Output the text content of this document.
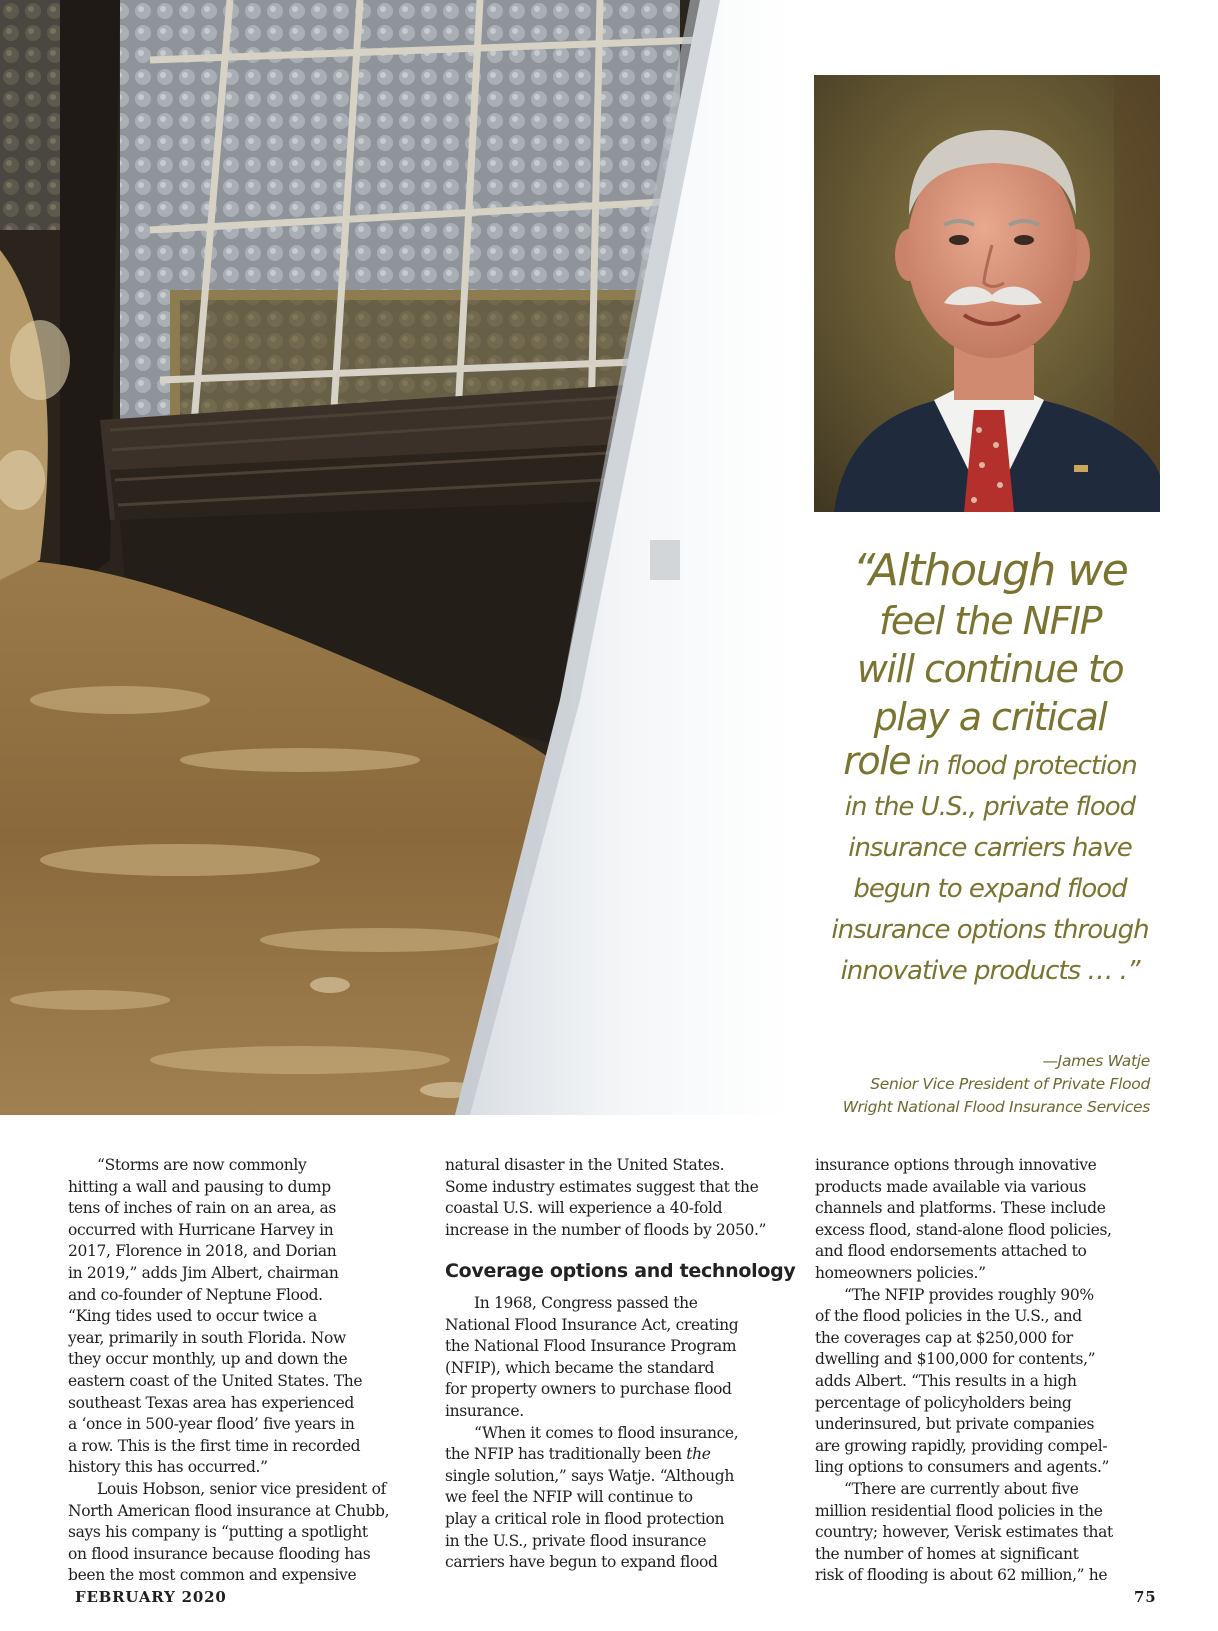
“Although we
feel the NFIP
will continue to
play a critical
role in flood protection
in the U.S., private flood
insurance carriers have
begun to expand flood
insurance options through
innovative products … .”
—James Watje
Senior Vice President of Private Flood
Wright National Flood Insurance Services
“Storms are now commonly
hitting a wall and pausing to dump
tens of inches of rain on an area, as
occurred with Hurricane Harvey in
2017, Florence in 2018, and Dorian
in 2019,” adds Jim Albert, chairman
and co-founder of Neptune Flood.
“King tides used to occur twice a
year, primarily in south Florida. Now
they occur monthly, up and down the
eastern coast of the United States. The
southeast Texas area has experienced
a ‘once in 500-year flood’ five years in
a row. This is the first time in recorded
history this has occurred.”
Louis Hobson, senior vice president of
North American flood insurance at Chubb,
says his company is “putting a spotlight
on flood insurance because flooding has
been the most common and expensive
natural disaster in the United States.
Some industry estimates suggest that the
coastal U.S. will experience a 40-fold
increase in the number of floods by 2050.”
Coverage options and technology
In 1968, Congress passed the
National Flood Insurance Act, creating
the National Flood Insurance Program
(NFIP), which became the standard
for property owners to purchase flood
insurance.
“When it comes to flood insurance,
the NFIP has traditionally been the
single solution,” says Watje. “Although
we feel the NFIP will continue to
play a critical role in flood protection
in the U.S., private flood insurance
carriers have begun to expand flood
insurance options through innovative
products made available via various
channels and platforms. These include
excess flood, stand-alone flood policies,
and flood endorsements attached to
homeowners policies.”
“The NFIP provides roughly 90%
of the flood policies in the U.S., and
the coverages cap at $250,000 for
dwelling and $100,000 for contents,”
adds Albert. “This results in a high
percentage of policyholders being
underinsured, but private companies
are growing rapidly, providing compel-
ling options to consumers and agents.”
“There are currently about five
million residential flood policies in the
country; however, Verisk estimates that
the number of homes at significant
risk of flooding is about 62 million,” he
FEBRUARY 2020	75
